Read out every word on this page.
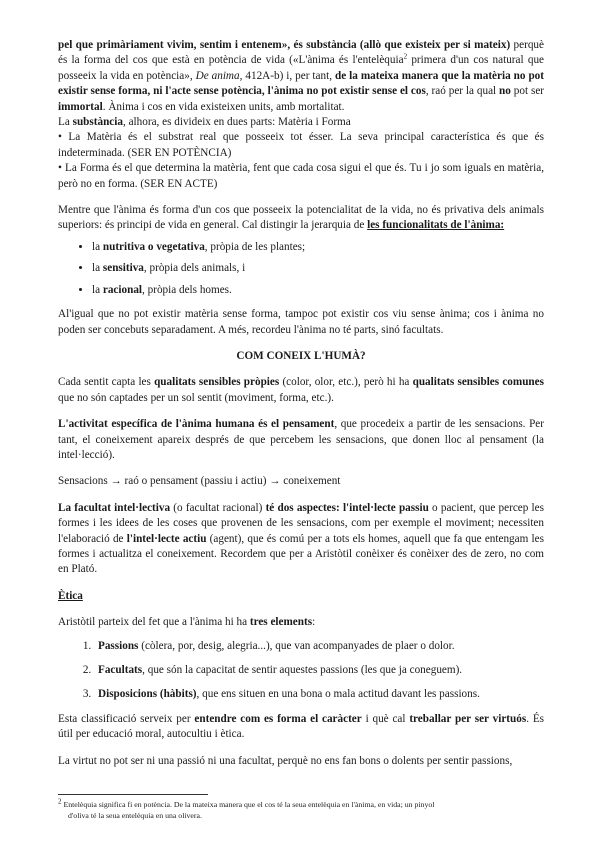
pel que primàriament vivim, sentim i entenem», és substància (allò que existeix per si mateix) perquè és la forma del cos que està en potència de vida («L'ànima és l'entelèquia$^2$ primera d'un cos natural que posseeix la vida en potència», De anima, 412A-b) i, per tant, de la mateixa manera que la matèria no pot existir sense forma, ni l'acte sense potència, l'ànima no pot existir sense el cos, raó per la qual no pot ser immortal. Ànima i cos en vida existeixen units, amb mortalitat.

La substància, alhora, es divideix en dues parts: Matèria i Forma

• La Matèria és el substrat real que posseeix tot ésser. La seva principal característica és que és indeterminada. (SER EN POTÈNCIA)

• La Forma és el que determina la matèria, fent que cada cosa sigui el que és. Tu i jo som iguals en matèria, però no en forma. (SER EN ACTE)

Mentre que l'ànima és forma d'un cos que posseeix la potencialitat de la vida, no és privativa dels animals superiors: és principi de vida en general. Cal distingir la jerarquia de les funcionalitats de l'ànima:

• la nutritiva o vegetativa, pròpia de les plantes;
• la sensitiva, pròpia dels animals, i
• la racional, pròpia dels homes.

Al'igual que no pot existir matèria sense forma, tampoc pot existir cos viu sense ànima; cos i ànima no poden ser concebuts separadament. A més, recordeu l'ànima no té parts, sinó facultats.

COM CONEIX L'HUMÀ?

Cada sentit capta les qualitats sensibles pròpies (color, olor, etc.), però hi ha qualitats sensibles comunes que no són captades per un sol sentit (moviment, forma, etc.).

L'activitat específica de l'ànima humana és el pensament, que procedeix a partir de les sensacions. Per tant, el coneixement apareix després de que percebem les sensacions, que donen lloc al pensament (la intel·lecció).

Sensacions → raó o pensament (passiu i actiu) → coneixement

La facultat intel·lectiva (o facultat racional) té dos aspectes: l'intel·lecte passiu o pacient, que percep les formes i les idees de les coses que provenen de les sensacions, com per exemple el moviment; necessiten l'elaboració de l'intel·lecte actiu (agent), que és comú per a tots els homes, aquell que fa que entengam les formes i actualitza el coneixement. Recordem que per a Aristòtil conèixer és conèixer des de zero, no com en Plató.

Ètica

Aristòtil parteix del fet que a l'ànima hi ha tres elements:

1. Passions (còlera, por, desig, alegria...), que van acompanyades de plaer o dolor.
2. Facultats, que són la capacitat de sentir aquestes passions (les que ja coneguem).
3. Disposicions (hàbits), que ens situen en una bona o mala actitud davant les passions.

Esta classificació serveix per entendre com es forma el caràcter i què cal treballar per ser virtuós. És útil per educació moral, autocultiu i ètica.

La virtut no pot ser ni una passió ni una facultat, perquè no ens fan bons o dolents per sentir passions,

$^2$ Entelèquia significa fi en potència. De la mateixa manera que el cos té la seua entelèquia en l'ànima, en vida; un pinyol
d'oliva té la seua entelèquia en una olivera.
